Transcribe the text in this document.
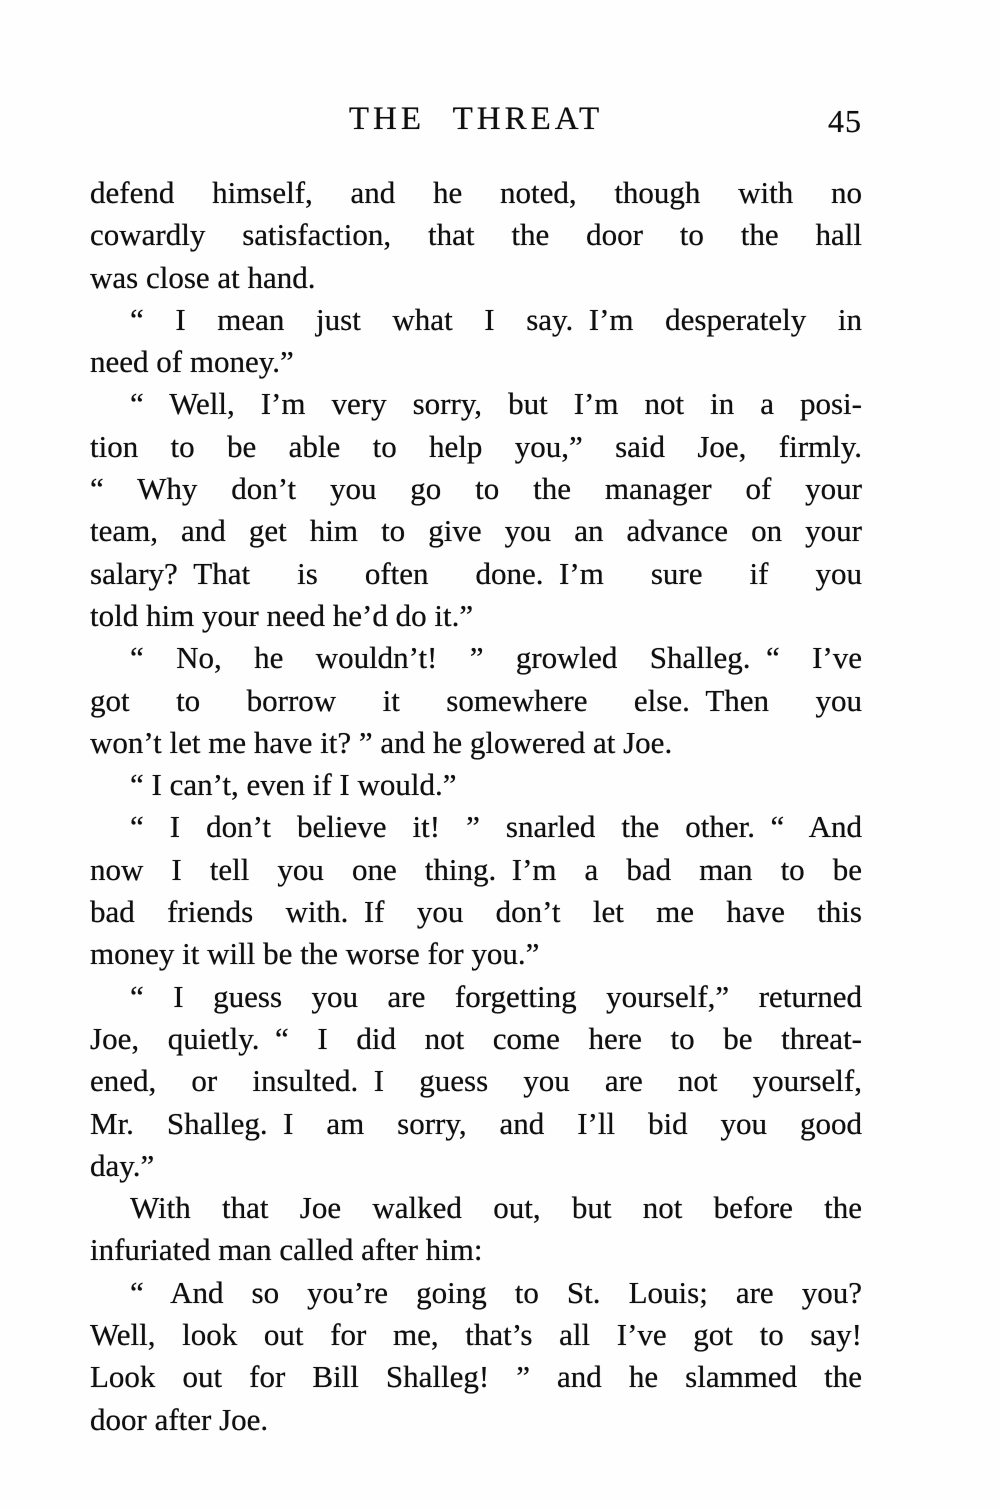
THE THREAT	45
defend himself, and he noted, though with no
cowardly satisfaction, that the door to the hall
was close at hand.
“ I mean just what I say. I’m desperately in
need of money.”
“ Well, I’m very sorry, but I’m not in a posi-
tion to be able to help you,” said Joe, firmly.
“ Why don’t you go to the manager of your
team, and get him to give you an advance on your
salary? That is often done. I’m sure if you
told him your need he’d do it.”
“ No, he wouldn’t! ” growled Shalleg. “ I’ve
got to borrow it somewhere else. Then you
won’t let me have it? ” and he glowered at Joe.
“ I can’t, even if I would.”
“ I don’t believe it! ” snarled the other. “ And
now I tell you one thing. I’m a bad man to be
bad friends with. If you don’t let me have this
money it will be the worse for you.”
“ I guess you are forgetting yourself,” returned
Joe, quietly. “ I did not come here to be threat-
ened, or insulted. I guess you are not yourself,
Mr. Shalleg. I am sorry, and I’ll bid you good
day.”
With that Joe walked out, but not before the
infuriated man called after him:
“ And so you’re going to St. Louis; are you?
Well, look out for me, that’s all I’ve got to say!
Look out for Bill Shalleg! ” and he slammed the
door after Joe.
